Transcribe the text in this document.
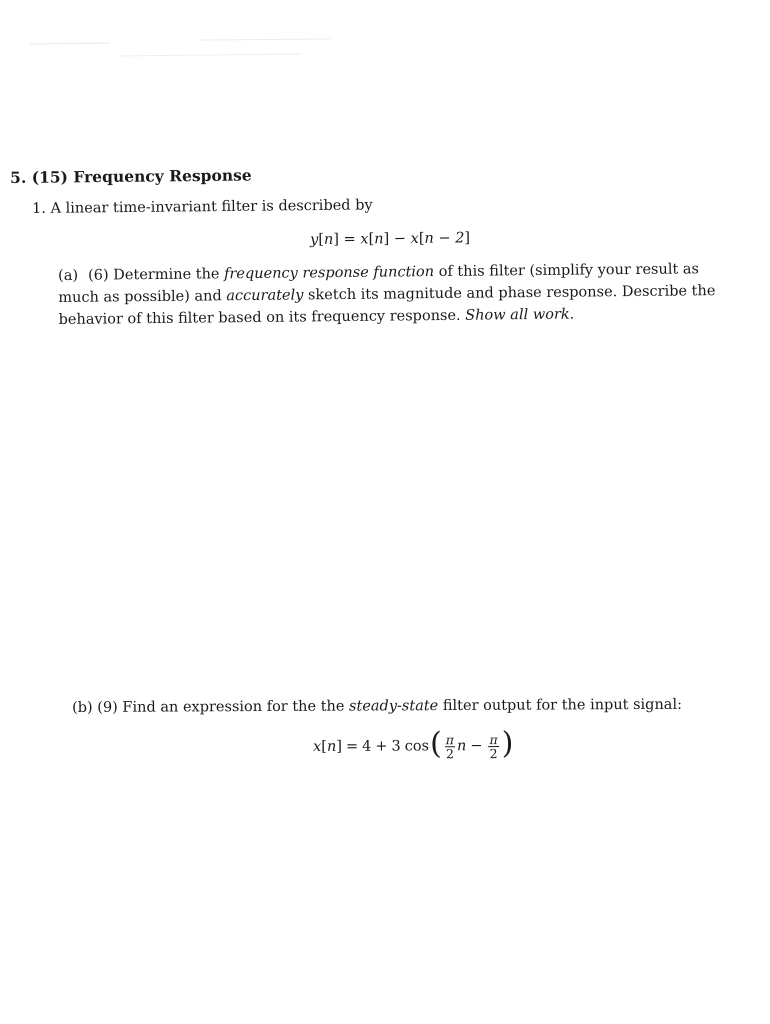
5. (15) Frequency Response
1. A linear time-invariant filter is described by
y[n] = x[n] − x[n − 2]
(a) (6) Determine the frequency response function of this filter (simplify your result as much as possible) and accurately sketch its magnitude and phase response. Describe the behavior of this filter based on its frequency response. Show all work.
(b) (9) Find an expression for the the steady-state filter output for the input signal:
x [ n ] = 4 + 3 cos ( $\frac{\pi}{2}$ $n - \frac{\pi}{2}$ )
